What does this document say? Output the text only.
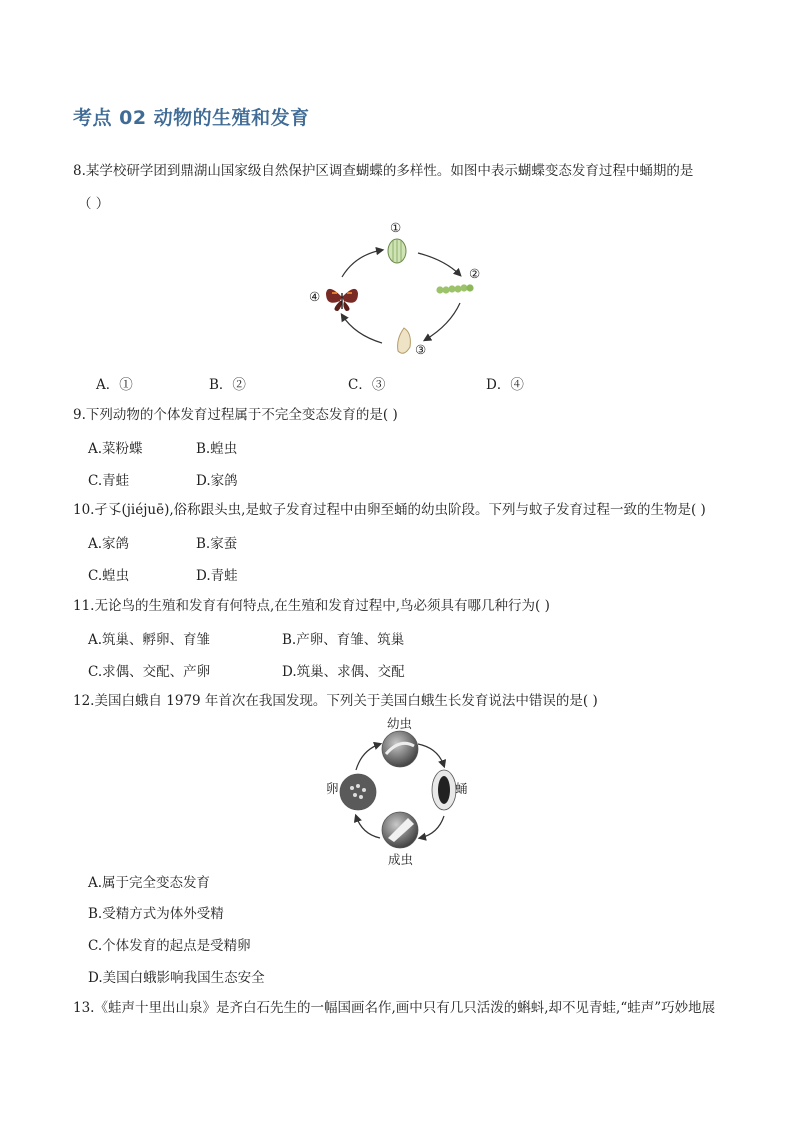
考点 02 动物的生殖和发育
8.某学校研学团到鼎湖山国家级自然保护区调查蝴蝶的多样性。如图中表示蝴蝶变态发育过程中蛹期的是
（ ）
①
②
③
④
A．①	B．②	C．③	D．④
9.下列动物的个体发育过程属于不完全变态发育的是( )
A.菜粉蝶	B.蝗虫
C.青蛙	D.家鸽
10.孑孓(jiéjuē),俗称跟头虫,是蚊子发育过程中由卵至蛹的幼虫阶段。下列与蚊子发育过程一致的生物是( )
A.家鸽	B.家蚕
C.蝗虫	D.青蛙
11.无论鸟的生殖和发育有何特点,在生殖和发育过程中,鸟必须具有哪几种行为( )
A.筑巢、孵卵、育雏	B.产卵、育雏、筑巢
C.求偶、交配、产卵	D.筑巢、求偶、交配
12.美国白蛾自 1979 年首次在我国发现。下列关于美国白蛾生长发育说法中错误的是( )
幼虫
蛹
成虫
卵
A.属于完全变态发育
B.受精方式为体外受精
C.个体发育的起点是受精卵
D.美国白蛾影响我国生态安全
13.《蛙声十里出山泉》是齐白石先生的一幅国画名作,画中只有几只活泼的蝌蚪,却不见青蛙,“蛙声”巧妙地展
